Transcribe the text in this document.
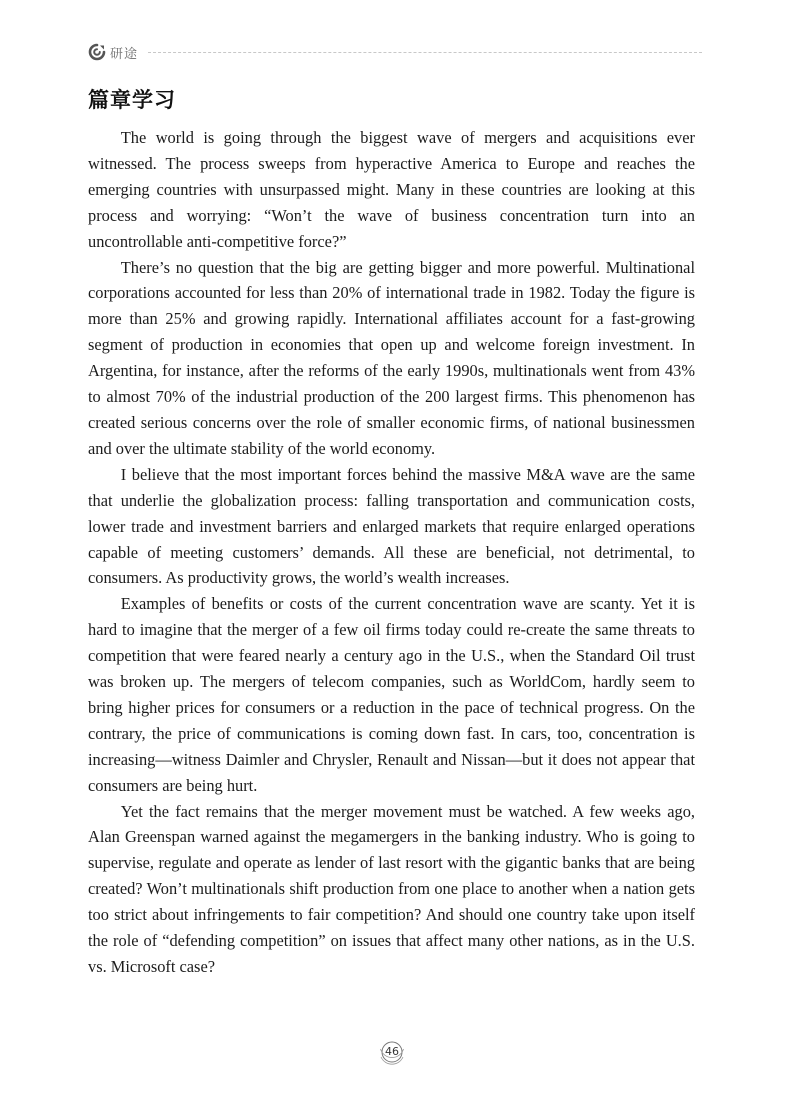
研途
篇章学习

The world is going through the biggest wave of mergers and acquisitions ever witnessed. The process sweeps from hyperactive America to Europe and reaches the emerging countries with unsurpassed might. Many in these countries are looking at this process and worrying: “Won’t the wave of business concentration turn into an uncontrollable anti-competitive force?”

There’s no question that the big are getting bigger and more powerful. Multinational corporations accounted for less than 20% of international trade in 1982. Today the figure is more than 25% and growing rapidly. International affiliates account for a fast-growing segment of production in economies that open up and welcome foreign investment. In Argentina, for instance, after the reforms of the early 1990s, multinationals went from 43% to almost 70% of the industrial production of the 200 largest firms. This phenomenon has created serious concerns over the role of smaller economic firms, of national businessmen and over the ultimate stability of the world economy.

I believe that the most important forces behind the massive M&A wave are the same that underlie the globalization process: falling transportation and communication costs, lower trade and investment barriers and enlarged markets that require enlarged operations capable of meeting customers’ demands. All these are beneficial, not detrimental, to consumers. As productivity grows, the world’s wealth increases.

Examples of benefits or costs of the current concentration wave are scanty. Yet it is hard to imagine that the merger of a few oil firms today could re-create the same threats to competition that were feared nearly a century ago in the U.S., when the Standard Oil trust was broken up. The mergers of telecom companies, such as WorldCom, hardly seem to bring higher prices for consumers or a reduction in the pace of technical progress. On the contrary, the price of communications is coming down fast. In cars, too, concentration is increasing—witness Daimler and Chrysler, Renault and Nissan—but it does not appear that consumers are being hurt.

Yet the fact remains that the merger movement must be watched. A few weeks ago, Alan Greenspan warned against the megamergers in the banking industry. Who is going to supervise, regulate and operate as lender of last resort with the gigantic banks that are being created? Won’t multinationals shift production from one place to another when a nation gets too strict about infringements to fair competition? And should one country take upon itself the role of “defending competition” on issues that affect many other nations, as in the U.S. vs. Microsoft case?

46
